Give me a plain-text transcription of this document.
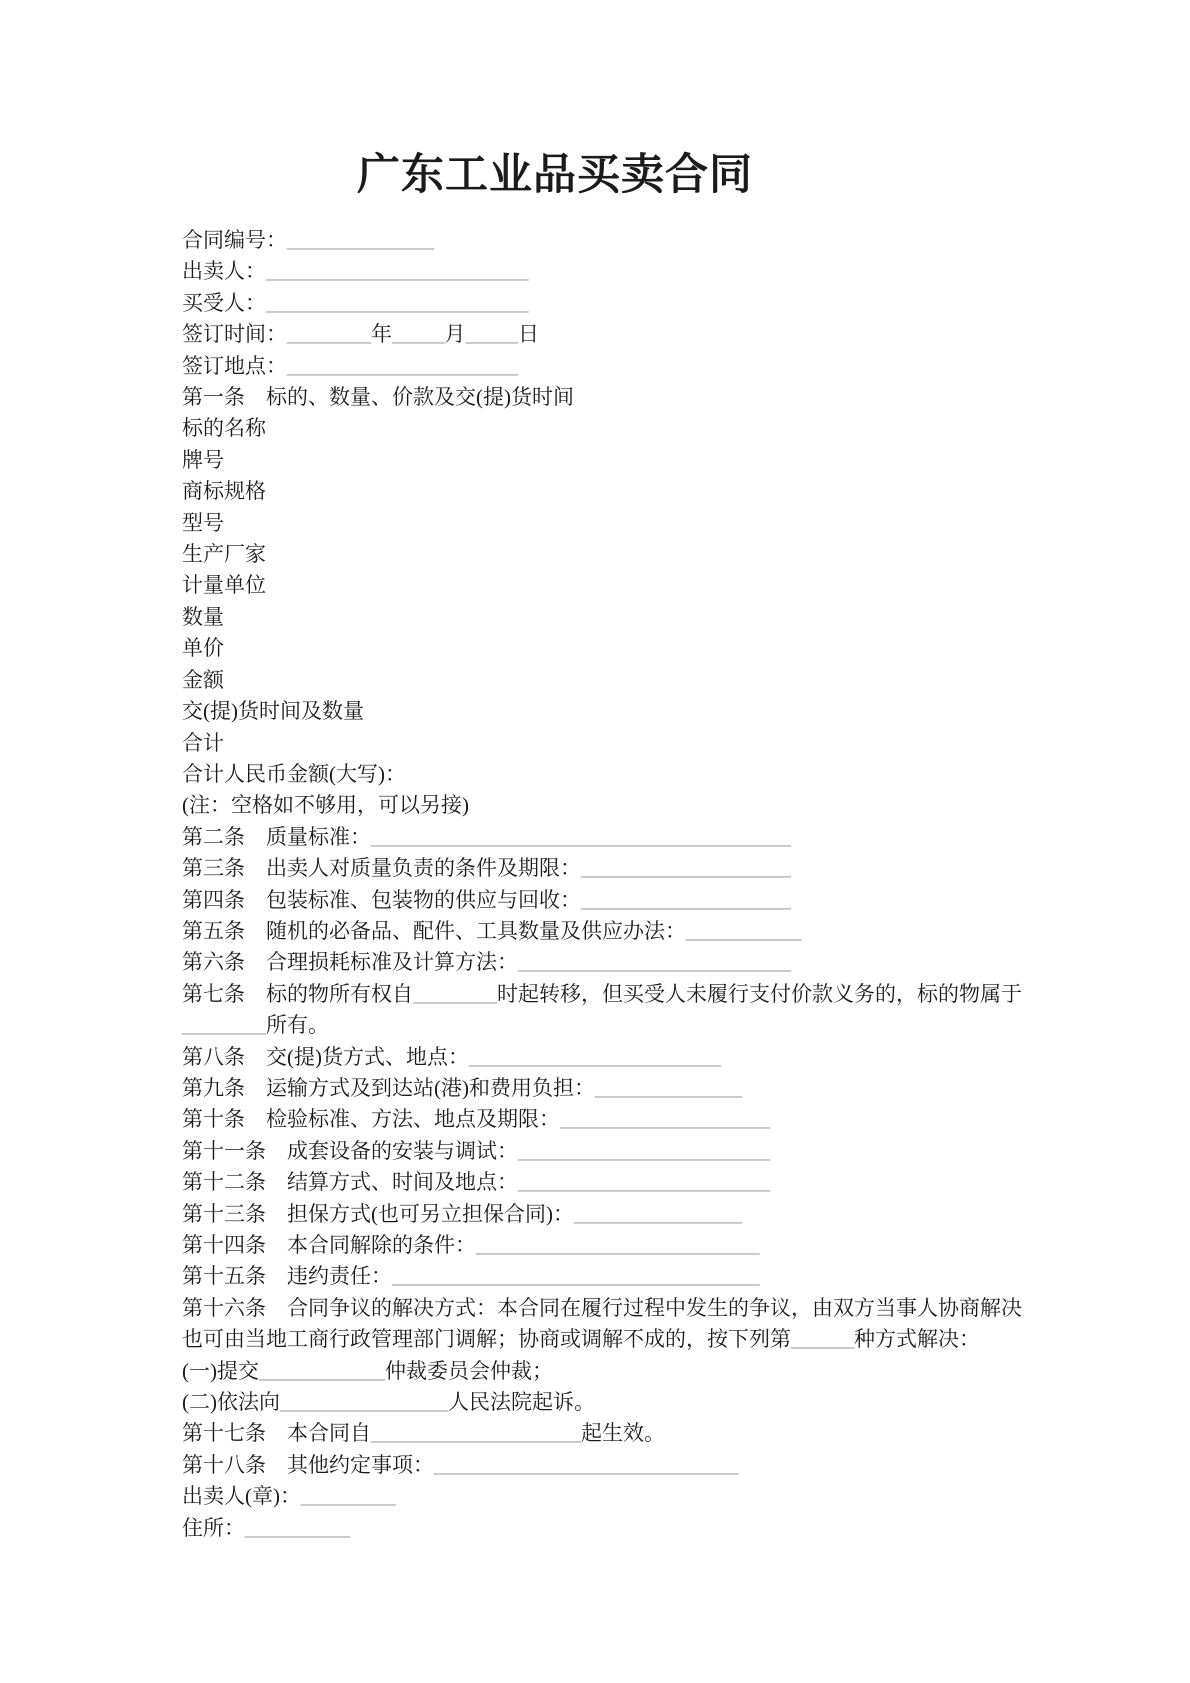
广东工业品买卖合同
合同编号：______________
出卖人：_________________________
买受人：_________________________
签订时间：________年_____月_____日
签订地点：______________________
第一条　标的、数量、价款及交(提)货时间
标的名称
牌号
商标规格
型号
生产厂家
计量单位
数量
单价
金额
交(提)货时间及数量
合计
合计人民币金额(大写)：
(注：空格如不够用，可以另接)
第二条　质量标准：________________________________________
第三条　出卖人对质量负责的条件及期限：____________________
第四条　包装标准、包装物的供应与回收：____________________
第五条　随机的必备品、配件、工具数量及供应办法：___________
第六条　合理损耗标准及计算方法：__________________________
第七条　标的物所有权自________时起转移，但买受人未履行支付价款义务的，标的物属于
________所有。
第八条　交(提)货方式、地点：________________________
第九条　运输方式及到达站(港)和费用负担：______________
第十条　检验标准、方法、地点及期限：____________________
第十一条　成套设备的安装与调试：________________________
第十二条　结算方式、时间及地点：________________________
第十三条　担保方式(也可另立担保合同)：________________
第十四条　本合同解除的条件：___________________________
第十五条　违约责任：___________________________________
第十六条　合同争议的解决方式：本合同在履行过程中发生的争议，由双方当事人协商解决
也可由当地工商行政管理部门调解；协商或调解不成的，按下列第______种方式解决：
(一)提交____________仲裁委员会仲裁；
(二)依法向________________人民法院起诉。
第十七条　本合同自____________________起生效。
第十八条　其他约定事项：_____________________________
出卖人(章)：_________
住所：__________
